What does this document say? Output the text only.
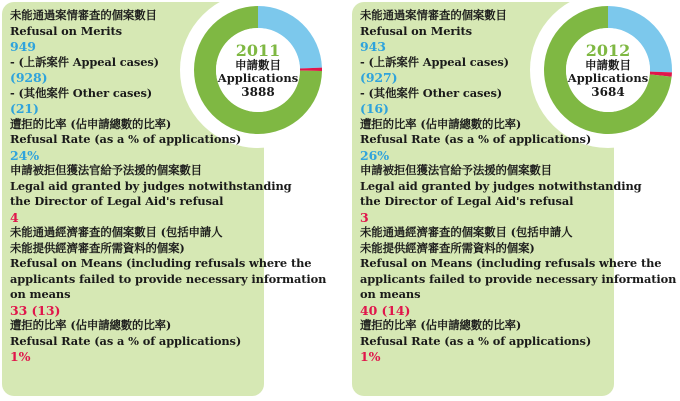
未能通過案情審查的個案數目
Refusal on Merits
949
- (上訴案件 Appeal cases)
(928)
- (其他案件 Other cases)
(21)
遭拒的比率 (佔申請總數的比率)
Refusal Rate (as a % of applications)
24%
申請被拒但獲法官給予法援的個案數目
Legal aid granted by judges notwithstanding
the Director of Legal Aid's refusal
4
未能通過經濟審查的個案數目 (包括申請人
未能提供經濟審查所需資料的個案)
Refusal on Means (including refusals where the
applicants failed to provide necessary information
on means
33 (13)
遭拒的比率 (佔申請總數的比率)
Refusal Rate (as a % of applications)
1%
2011
申請數目
Applications
3888
未能通過案情審查的個案數目
Refusal on Merits
943
- (上訴案件 Appeal cases)
(927)
- (其他案件 Other cases)
(16)
遭拒的比率 (佔申請總數的比率)
Refusal Rate (as a % of applications)
26%
申請被拒但獲法官給予法援的個案數目
Legal aid granted by judges notwithstanding
the Director of Legal Aid's refusal
3
未能通過經濟審查的個案數目 (包括申請人
未能提供經濟審查所需資料的個案)
Refusal on Means (including refusals where the
applicants failed to provide necessary information
on means
40 (14)
遭拒的比率 (佔申請總數的比率)
Refusal Rate (as a % of applications)
1%
2012
申請數目
Applications
3684
